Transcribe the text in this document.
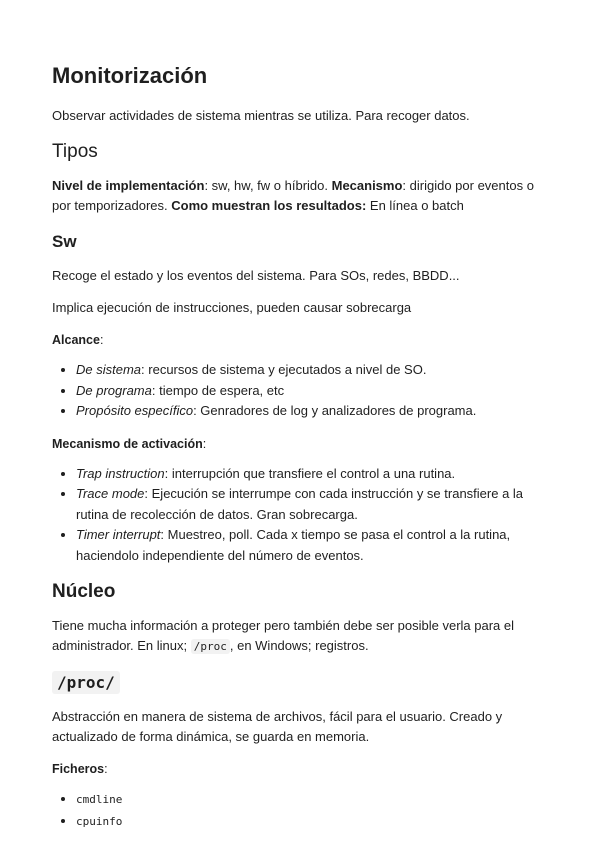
Monitorización

Observar actividades de sistema mientras se utiliza. Para recoger datos.

Tipos

Nivel de implementación: sw, hw, fw o híbrido. Mecanismo: dirigido por eventos o por temporizadores. Como muestran los resultados: En línea o batch

Sw

Recoge el estado y los eventos del sistema. Para SOs, redes, BBDD...

Implica ejecución de instrucciones, pueden causar sobrecarga

Alcance:
• De sistema: recursos de sistema y ejecutados a nivel de SO.
• De programa: tiempo de espera, etc
• Propósito específico: Genradores de log y analizadores de programa.
Mecanismo de activación:
• Trap instruction: interrupción que transfiere el control a una rutina.
• Trace mode: Ejecución se interrumpe con cada instrucción y se transfiere a la rutina de recolección de datos. Gran sobrecarga.
• Timer interrupt: Muestreo, poll. Cada x tiempo se pasa el control a la rutina, haciendolo independiente del número de eventos.
Núcleo

Tiene mucha información a proteger pero también debe ser posible verla para el administrador. En linux; /proc , en Windows; registros.

/proc/

Abstracción en manera de sistema de archivos, fácil para el usuario. Creado y actualizado de forma dinámica, se guarda en memoria.

Ficheros:
• cmdline
• cpuinfo
